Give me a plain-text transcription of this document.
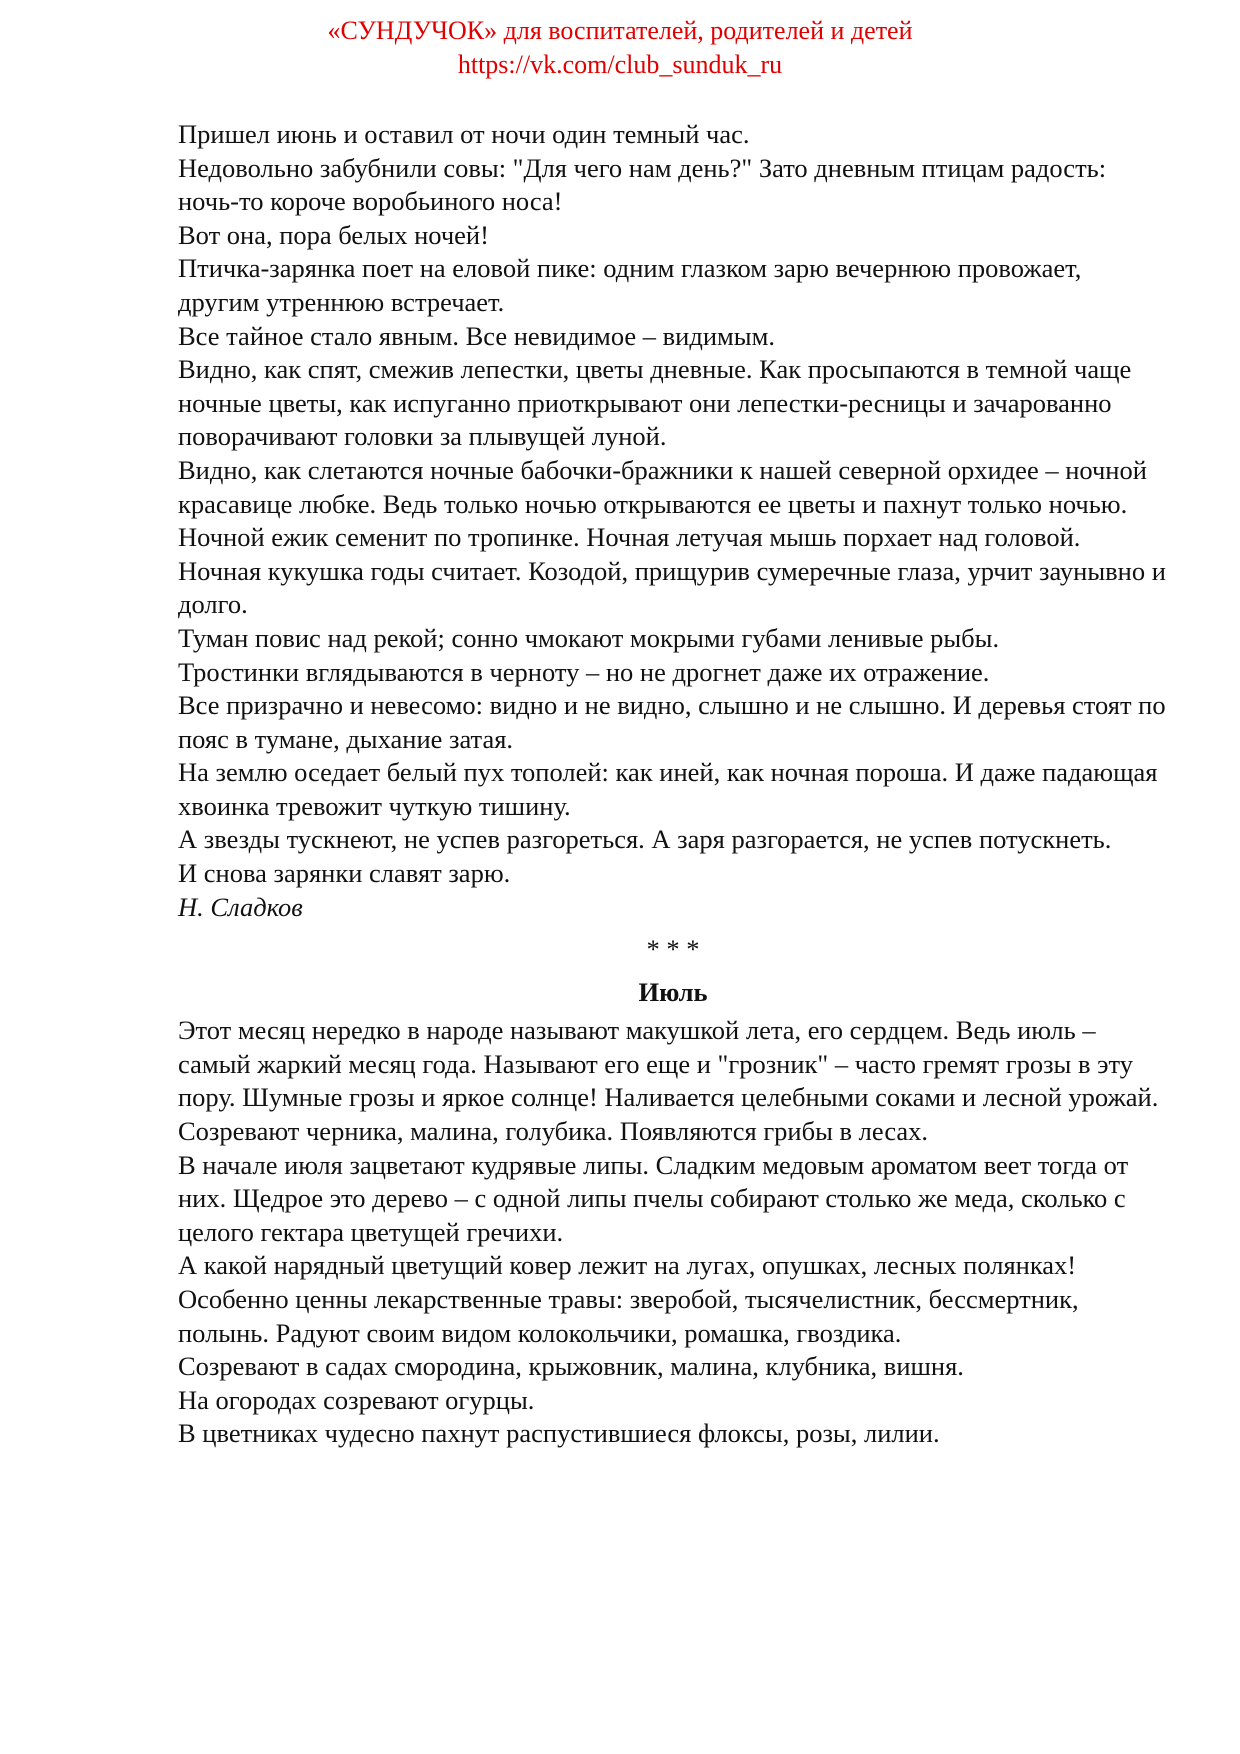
«СУНДУЧОК» для воспитателей, родителей и детей
https://vk.com/club_sunduk_ru

Пришел июнь и оставил от ночи один темный час.

Недовольно забубнили совы: "Для чего нам день?" Зато дневным птицам радость: ночь-то короче воробьиного носа!

Вот она, пора белых ночей!

Птичка-зарянка поет на еловой пике: одним глазком зарю вечернюю провожает, другим утреннюю встречает.

Все тайное стало явным. Все невидимое – видимым.

Видно, как спят, смежив лепестки, цветы дневные. Как просыпаются в темной чаще ночные цветы, как испуганно приоткрывают они лепестки-ресницы и зачарованно поворачивают головки за плывущей луной.

Видно, как слетаются ночные бабочки-бражники к нашей северной орхидее – ночной красавице любке. Ведь только ночью открываются ее цветы и пахнут только ночью.

Ночной ежик семенит по тропинке. Ночная летучая мышь порхает над головой.

Ночная кукушка годы считает. Козодой, прищурив сумеречные глаза, урчит заунывно и долго.

Туман повис над рекой; сонно чмокают мокрыми губами ленивые рыбы.

Тростинки вглядываются в черноту – но не дрогнет даже их отражение.

Все призрачно и невесомо: видно и не видно, слышно и не слышно. И деревья стоят по пояс в тумане, дыхание затая.

На землю оседает белый пух тополей: как иней, как ночная пороша. И даже падающая хвоинка тревожит чуткую тишину.

А звезды тускнеют, не успев разгореться. А заря разгорается, не успев потускнеть.

И снова зарянки славят зарю.

Н. Сладков

* * *

Июль

Этот месяц нередко в народе называют макушкой лета, его сердцем. Ведь июль – самый жаркий месяц года. Называют его еще и "грозник" – часто гремят грозы в эту пору. Шумные грозы и яркое солнце! Наливается целебными соками и лесной урожай. Созревают черника, малина, голубика. Появляются грибы в лесах.

В начале июля зацветают кудрявые липы. Сладким медовым ароматом веет тогда от них. Щедрое это дерево – с одной липы пчелы собирают столько же меда, сколько с целого гектара цветущей гречихи.

А какой нарядный цветущий ковер лежит на лугах, опушках, лесных полянках! Особенно ценны лекарственные травы: зверобой, тысячелистник, бессмертник, полынь. Радуют своим видом колокольчики, ромашка, гвоздика.

Созревают в садах смородина, крыжовник, малина, клубника, вишня.

На огородах созревают огурцы.

В цветниках чудесно пахнут распустившиеся флоксы, розы, лилии.
